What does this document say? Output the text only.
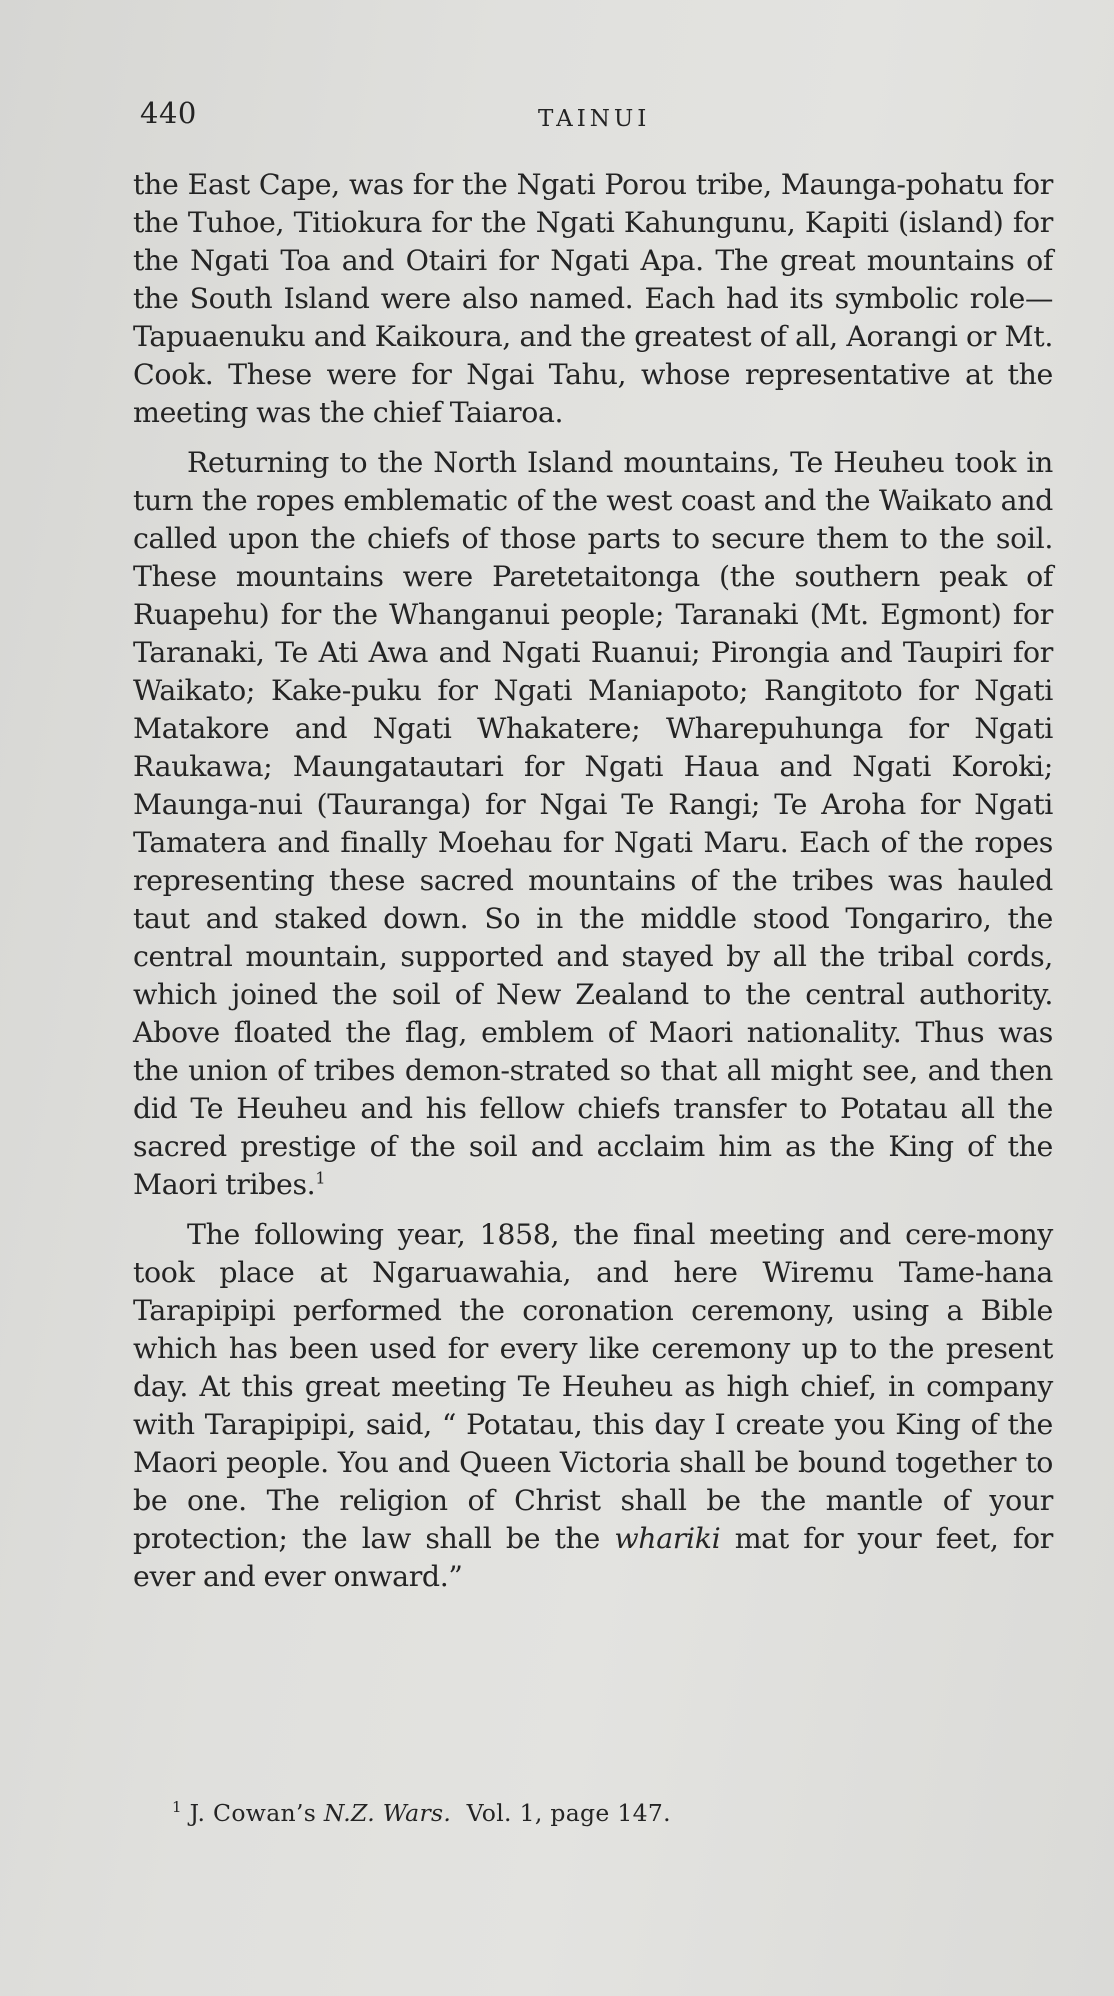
440	TAINUI

the East Cape, was for the Ngati Porou tribe, Maunga-pohatu for the Tuhoe, Titiokura for the Ngati Kahungunu, Kapiti (island) for the Ngati Toa and Otairi for Ngati Apa. The great mountains of the South Island were also named. Each had its symbolic role—Tapuaenuku and Kaikoura, and the greatest of all, Aorangi or Mt. Cook. These were for Ngai Tahu, whose representative at the meeting was the chief Taiaroa.

Returning to the North Island mountains, Te Heuheu took in turn the ropes emblematic of the west coast and the Waikato and called upon the chiefs of those parts to secure them to the soil. These mountains were Paretetaitonga (the southern peak of Ruapehu) for the Whanganui people; Taranaki (Mt. Egmont) for Taranaki, Te Ati Awa and Ngati Ruanui; Pirongia and Taupiri for Waikato; Kake-puku for Ngati Maniapoto; Rangitoto for Ngati Matakore and Ngati Whakatere; Wharepuhunga for Ngati Raukawa; Maungatautari for Ngati Haua and Ngati Koroki; Maunga-nui (Tauranga) for Ngai Te Rangi; Te Aroha for Ngati Tamatera and finally Moehau for Ngati Maru. Each of the ropes representing these sacred mountains of the tribes was hauled taut and staked down. So in the middle stood Tongariro, the central mountain, supported and stayed by all the tribal cords, which joined the soil of New Zealand to the central authority. Above floated the flag, emblem of Maori nationality. Thus was the union of tribes demon-strated so that all might see, and then did Te Heuheu and his fellow chiefs transfer to Potatau all the sacred prestige of the soil and acclaim him as the King of the Maori tribes.$^1$

The following year, 1858, the final meeting and cere-mony took place at Ngaruawahia, and here Wiremu Tame-hana Tarapipipi performed the coronation ceremony, using a Bible which has been used for every like ceremony up to the present day. At this great meeting Te Heuheu as high chief, in company with Tarapipipi, said, “ Potatau, this day I create you King of the Maori people. You and Queen Victoria shall be bound together to be one. The religion of Christ shall be the mantle of your protection; the law shall be the whariki mat for your feet, for ever and ever onward.”

$^1$ J. Cowan’s N.Z. Wars.  Vol. 1, page 147.
